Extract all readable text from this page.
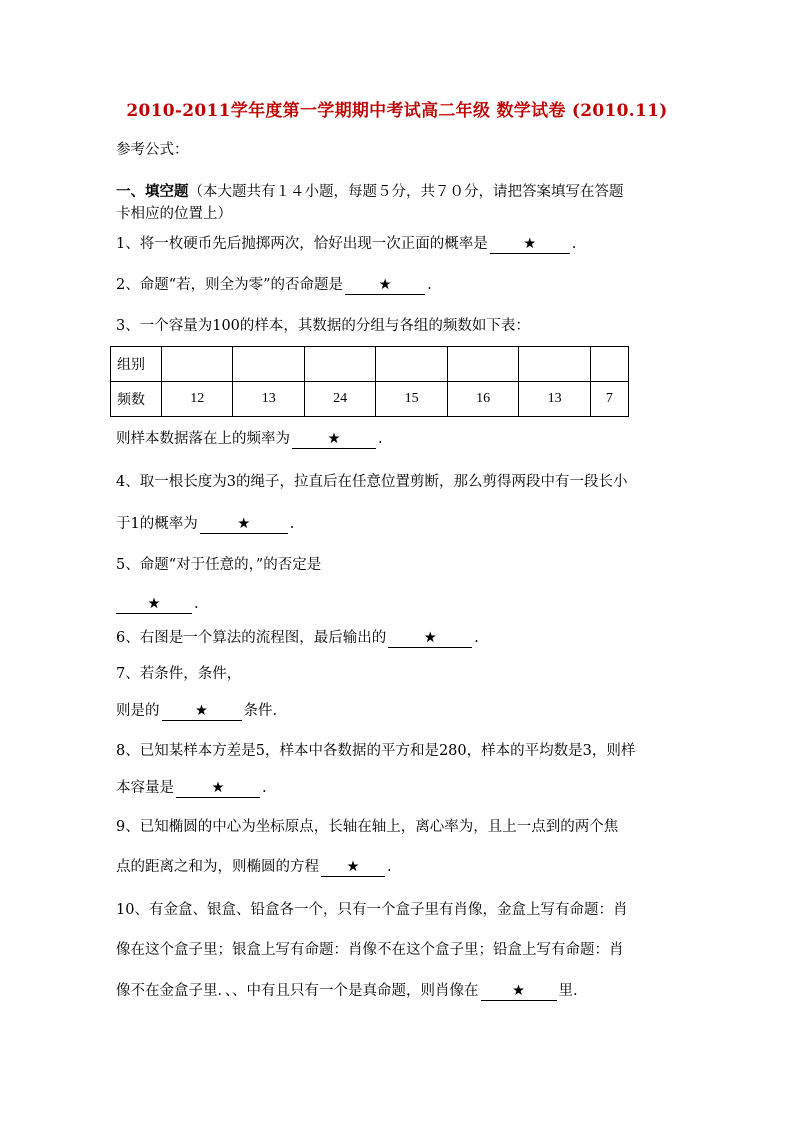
2010-2011学年度第一学期期中考试高二年级 数学试卷 (2010.11)
参考公式：
一、填空题（本大题共有１４小题，每题５分，共７０分，请把答案填写在答题
卡相应的位置上）
1、将一枚硬币先后抛掷两次，恰好出现一次正面的概率是 ★ .
2、命题“若，则全为零”的否命题是 ★ .
3、一个容量为100的样本，其数据的分组与各组的频数如下表：
组别							
频数	12	13	24	15	16	13	7
则样本数据落在上的频率为	★	.
4、取一根长度为3的绳子，拉直后在任意位置剪断，那么剪得两段中有一段长小
于1的概率为	★	.
5、命题“对于任意的，”的否定是
★ .
6、右图是一个算法的流程图，最后输出的	★	.
7、若条件，条件，
则是的 ★ 条件.
8、已知某样本方差是5，样本中各数据的平方和是280，样本的平均数是3，则样
本容量是	★	.
9、已知椭圆的中心为坐标原点，长轴在轴上，离心率为，且上一点到的两个焦
点的距离之和为，则椭圆的方程 ★ .
10、有金盒、银盒、铅盒各一个，只有一个盒子里有肖像，金盒上写有命题：肖
像在这个盒子里；银盒上写有命题：肖像不在这个盒子里；铅盒上写有命题：肖
像不在金盒子里．、、中有且只有一个是真命题，则肖像在 ★ 里.
